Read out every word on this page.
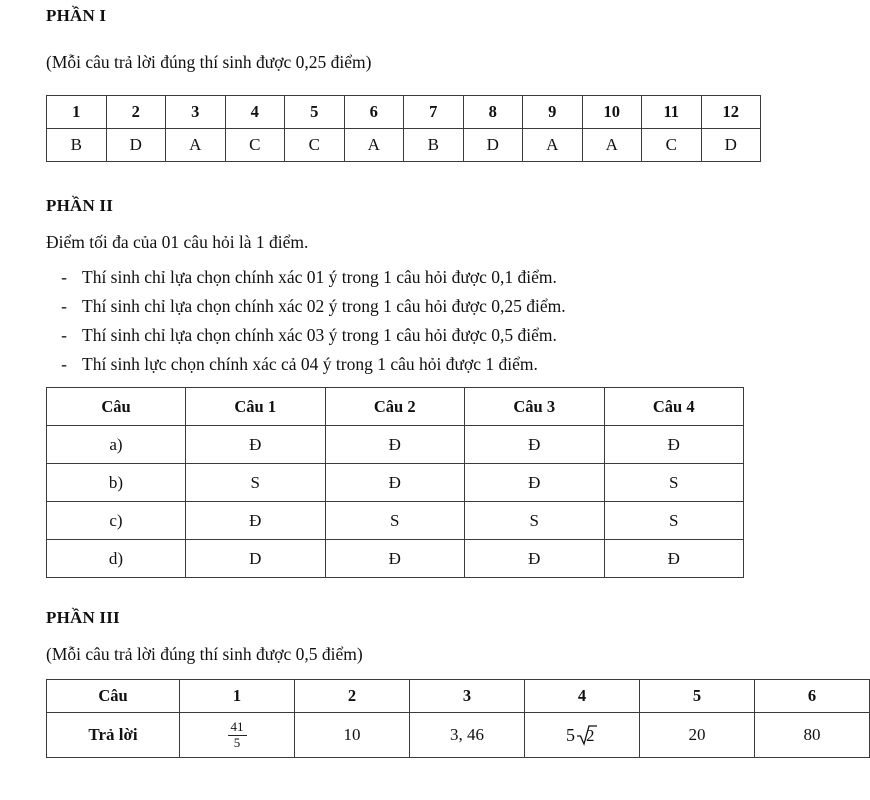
PHẦN I
(Mỗi câu trả lời đúng thí sinh được 0,25 điểm)
1	2	3	4	5	6	7	8	9	10	11	12
B	D	A	C	C	A	B	D	A	A	C	D
PHẦN II
Điểm tối đa của 01 câu hỏi là 1 điểm.
- Thí sinh chỉ lựa chọn chính xác 01 ý trong 1 câu hỏi được 0,1 điểm.
- Thí sinh chỉ lựa chọn chính xác 02 ý trong 1 câu hỏi được 0,25 điểm.
- Thí sinh chỉ lựa chọn chính xác 03 ý trong 1 câu hỏi được 0,5 điểm.
- Thí sinh lực chọn chính xác cả 04 ý trong 1 câu hỏi được 1 điểm.
Câu	Câu 1	Câu 2	Câu 3	Câu 4
a)	Đ	Đ	Đ	Đ
b)	S	Đ	Đ	S
c)	Đ	S	S	S
d)	D	Đ	Đ	Đ
PHẦN III
(Mỗi câu trả lời đúng thí sinh được 0,5 điểm)
Câu	1	2	3	4	5	6
Trả lời	$\frac{41}{5}$	10	3, 46	5 2	20	80
